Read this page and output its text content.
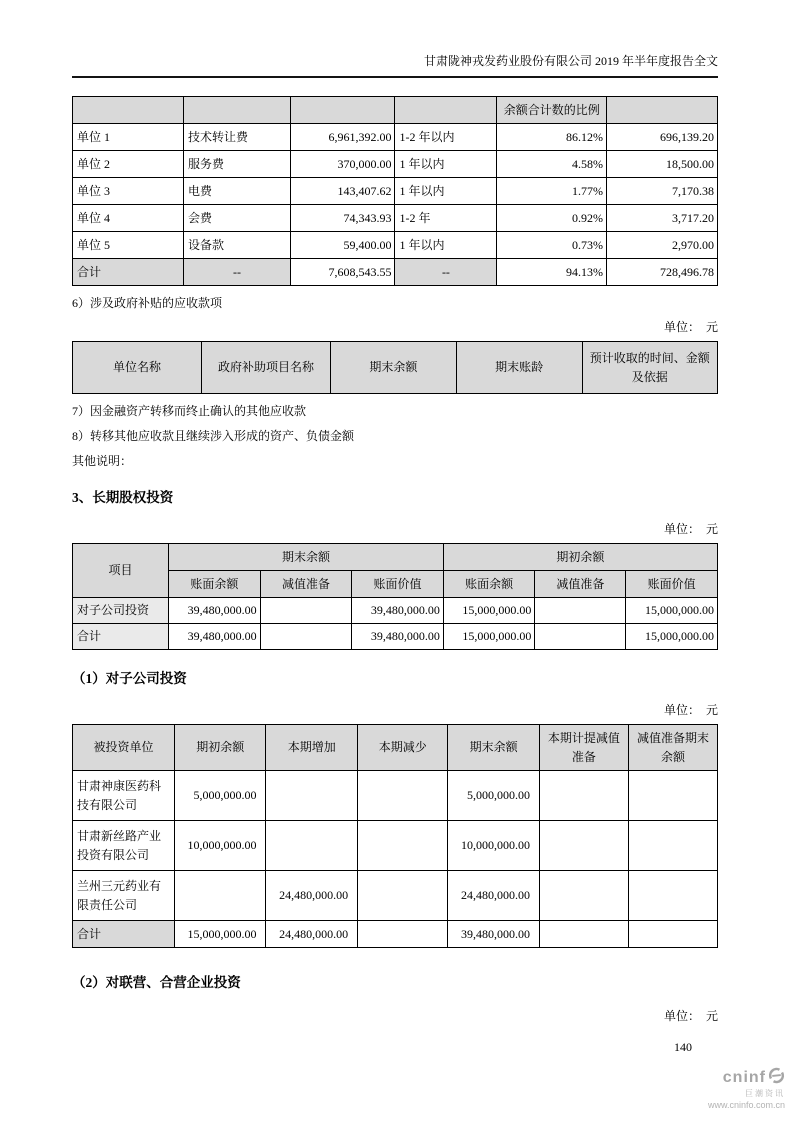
甘肃陇神戎发药业股份有限公司 2019 年半年度报告全文
				余额合计数的比例	
单位 1	技术转让费	6,961,392.00	1-2 年以内	86.12%	696,139.20
单位 2	服务费	370,000.00	1 年以内	4.58%	18,500.00
单位 3	电费	143,407.62	1 年以内	1.77%	7,170.38
单位 4	会费	74,343.93	1-2 年	0.92%	3,717.20
单位 5	设备款	59,400.00	1 年以内	0.73%	2,970.00
合计	--	7,608,543.55	--	94.13%	728,496.78

6）涉及政府补贴的应收款项

单位：　元
单位名称	政府补助项目名称	期末余额	期末账龄	预计收取的时间、金额及依据

7）因金融资产转移而终止确认的其他应收款

8）转移其他应收款且继续涉入形成的资产、负债金额

其他说明：

3、长期股权投资

单位：　元
项目	期末余额			期初余额		
	账面余额	减值准备	账面价值	账面余额	减值准备	账面价值
对子公司投资	39,480,000.00		39,480,000.00	15,000,000.00		15,000,000.00
合计	39,480,000.00		39,480,000.00	15,000,000.00		15,000,000.00

（1）对子公司投资

单位：　元
被投资单位	期初余额	本期增加	本期减少	期末余额	本期计提减值准备	减值准备期末余额
甘肃神康医药科技有限公司	5,000,000.00			5,000,000.00		
甘肃新丝路产业投资有限公司	10,000,000.00			10,000,000.00		
兰州三元药业有限责任公司		24,480,000.00		24,480,000.00		
合计	15,000,000.00	24,480,000.00		39,480,000.00		

（2）对联营、合营企业投资

单位：　元
140
cninf
巨潮资讯
www.cninfo.com.cn
